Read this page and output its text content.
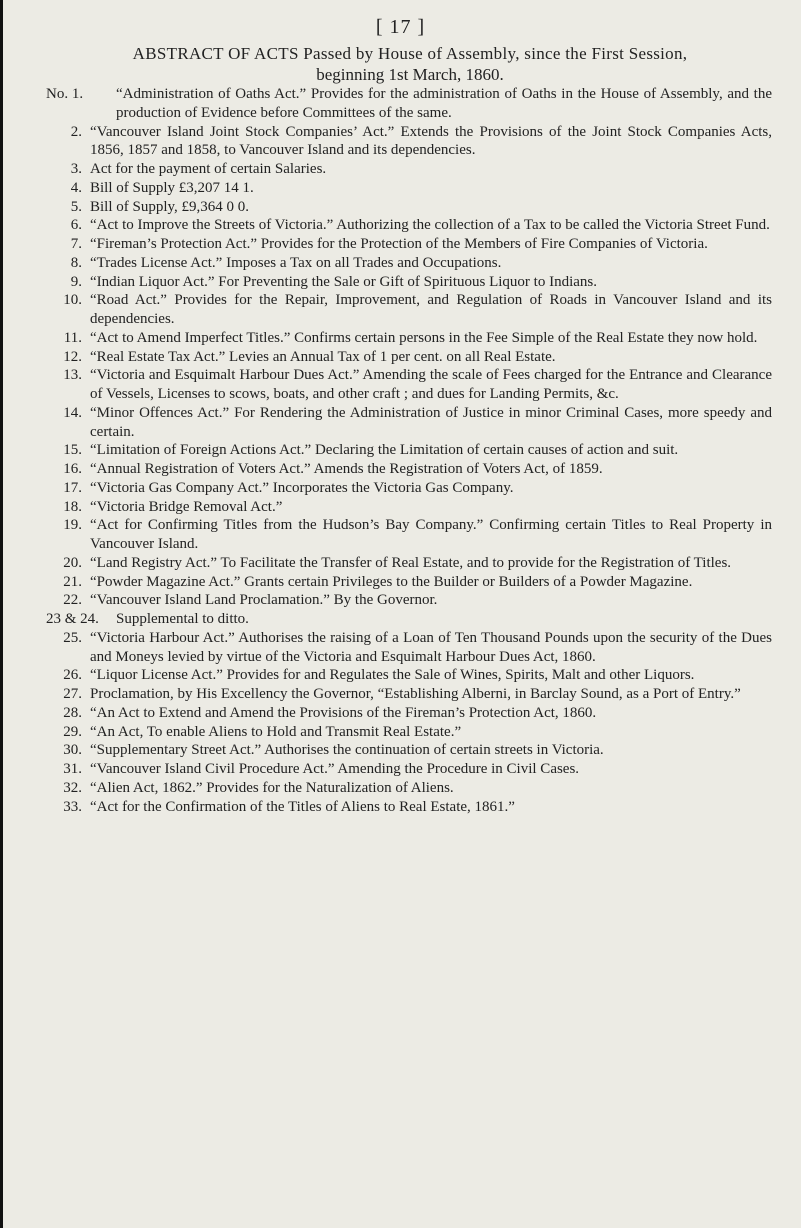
[ 17 ]
ABSTRACT OF ACTS Passed by House of Assembly, since the First Session,
beginning 1st March, 1860.
No. 1.	“Administration of Oaths Act.” Provides for the administration of Oaths in the House of Assembly, and the production of Evidence before Committees of the same.
2. “Vancouver Island Joint Stock Companies’ Act.” Extends the Provisions of the Joint Stock Companies Acts, 1856, 1857 and 1858, to Vancouver Island and its dependencies.
3. Act for the payment of certain Salaries.
4. Bill of Supply £3,207 14 1.
5. Bill of Supply, £9,364 0 0.
6. “Act to Improve the Streets of Victoria.” Authorizing the collection of a Tax to be called the Victoria Street Fund.
7. “Fireman’s Protection Act.” Provides for the Protection of the Members of Fire Companies of Victoria.
8. “Trades License Act.” Imposes a Tax on all Trades and Occupations.
9. “Indian Liquor Act.” For Preventing the Sale or Gift of Spirituous Liquor to Indians.
10. “Road Act.” Provides for the Repair, Improvement, and Regulation of Roads in Vancouver Island and its dependencies.
11. “Act to Amend Imperfect Titles.” Confirms certain persons in the Fee Simple of the Real Estate they now hold.
12. “Real Estate Tax Act.” Levies an Annual Tax of 1 per cent. on all Real Estate.
13. “Victoria and Esquimalt Harbour Dues Act.” Amending the scale of Fees charged for the Entrance and Clearance of Vessels, Licenses to scows, boats, and other craft ; and dues for Landing Permits, &c.
14. “Minor Offences Act.” For Rendering the Administration of Justice in minor Criminal Cases, more speedy and certain.
15. “Limitation of Foreign Actions Act.” Declaring the Limitation of certain causes of action and suit.
16. “Annual Registration of Voters Act.” Amends the Registration of Voters Act, of 1859.
17. “Victoria Gas Company Act.” Incorporates the Victoria Gas Company.
18. “Victoria Bridge Removal Act.”
19. “Act for Confirming Titles from the Hudson’s Bay Company.” Confirming certain Titles to Real Property in Vancouver Island.
20. “Land Registry Act.” To Facilitate the Transfer of Real Estate, and to provide for the Registration of Titles.
21. “Powder Magazine Act.” Grants certain Privileges to the Builder or Builders of a Powder Magazine.
22. “Vancouver Island Land Proclamation.” By the Governor.
23 & 24.	Supplemental to ditto.
25. “Victoria Harbour Act.” Authorises the raising of a Loan of Ten Thousand Pounds upon the security of the Dues and Moneys levied by virtue of the Victoria and Esquimalt Harbour Dues Act, 1860.
26. “Liquor License Act.” Provides for and Regulates the Sale of Wines, Spirits, Malt and other Liquors.
27. Proclamation, by His Excellency the Governor, “Establishing Alberni, in Barclay Sound, as a Port of Entry.”
28. “An Act to Extend and Amend the Provisions of the Fireman’s Protection Act, 1860.
29. “An Act, To enable Aliens to Hold and Transmit Real Estate.”
30. “Supplementary Street Act.” Authorises the continuation of certain streets in Victoria.
31. “Vancouver Island Civil Procedure Act.” Amending the Procedure in Civil Cases.
32. “Alien Act, 1862.” Provides for the Naturalization of Aliens.
33. “Act for the Confirmation of the Titles of Aliens to Real Estate, 1861.”
